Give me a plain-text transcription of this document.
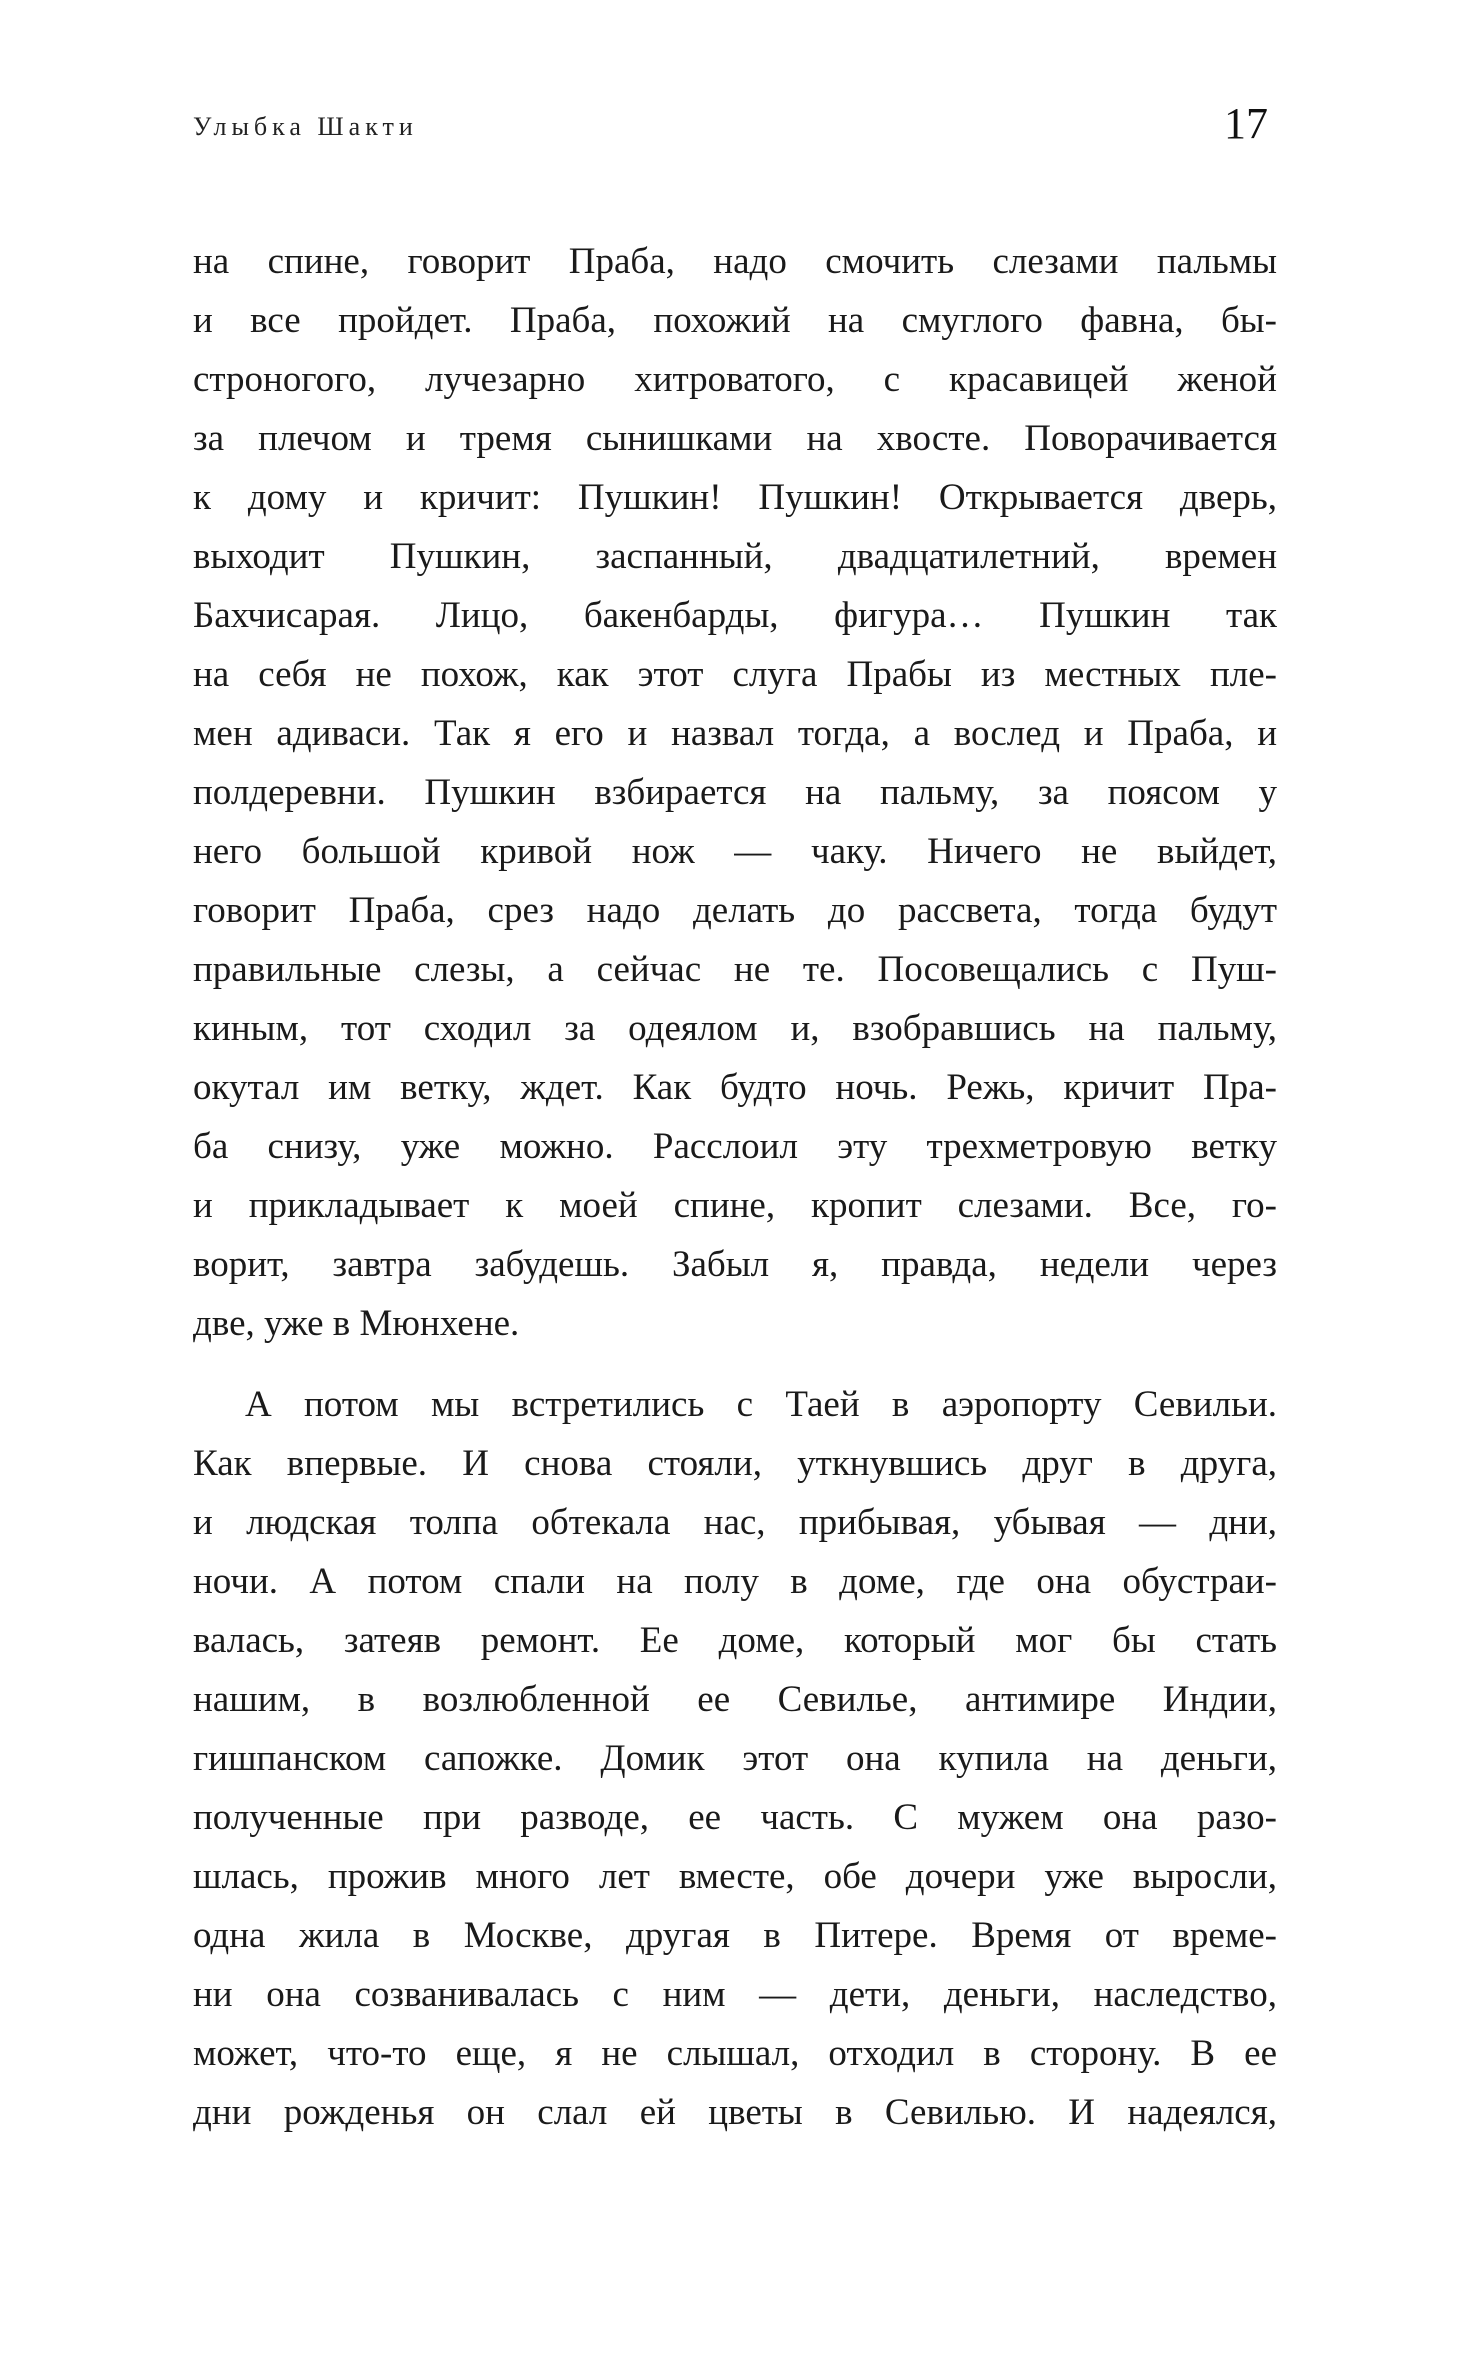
Улыбка Шакти	17
на спине, говорит Праба, надо смочить слезами пальмы
и все пройдет. Праба, похожий на смуглого фавна, бы-
строногого, лучезарно хитроватого, с красавицей женой
за плечом и тремя сынишками на хвосте. Поворачивается
к дому и кричит: Пушкин! Пушкин! Открывается дверь,
выходит Пушкин, заспанный, двадцатилетний, времен
Бахчисарая. Лицо, бакенбарды, фигура… Пушкин так
на себя не похож, как этот слуга Прабы из местных пле-
мен адиваси. Так я его и назвал тогда, а вослед и Праба, и
полдеревни. Пушкин взбирается на пальму, за поясом у
него большой кривой нож — чаку. Ничего не выйдет,
говорит Праба, срез надо делать до рассвета, тогда будут
правильные слезы, а сейчас не те. Посовещались с Пуш-
киным, тот сходил за одеялом и, взобравшись на пальму,
окутал им ветку, ждет. Как будто ночь. Режь, кричит Пра-
ба снизу, уже можно. Расслоил эту трехметровую ветку
и прикладывает к моей спине, кропит слезами. Все, го-
ворит, завтра забудешь. Забыл я, правда, недели через
две, уже в Мюнхене.
А потом мы встретились с Таей в аэропорту Севильи.
Как впервые. И снова стояли, уткнувшись друг в друга,
и людская толпа обтекала нас, прибывая, убывая — дни,
ночи. А потом спали на полу в доме, где она обустраи-
валась, затеяв ремонт. Ее доме, который мог бы стать
нашим, в возлюбленной ее Севилье, антимире Индии,
гишпанском сапожке. Домик этот она купила на деньги,
полученные при разводе, ее часть. С мужем она разо-
шлась, прожив много лет вместе, обе дочери уже выросли,
одна жила в Москве, другая в Питере. Время от време-
ни она созванивалась с ним — дети, деньги, наследство,
может, что-то еще, я не слышал, отходил в сторону. В ее
дни рожденья он слал ей цветы в Севилью. И надеялся,
